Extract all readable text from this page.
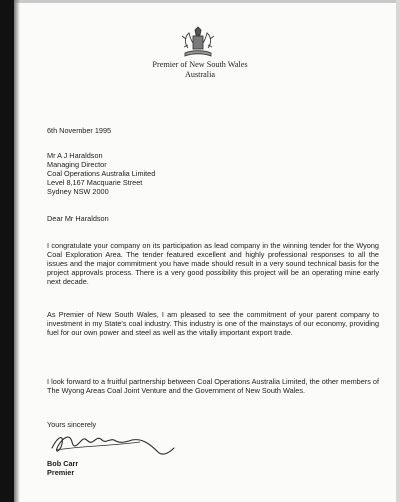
Premier of New South Wales
Australia
6th November 1995
Mr A J Haraldson
Managing Director
Coal Operations Australia Limited
Level 8,167 Macquarie Street
Sydney NSW 2000
Dear Mr Haraldson
I congratulate your company on its participation as lead company in the winning tender for the Wyong Coal Exploration Area. The tender featured excellent and highly professional responses to all the issues and the major commitment you have made should result in a very sound technical basis for the project approvals process. There is a very good possibility this project will be an operating mine early next decade.
As Premier of New South Wales, I am pleased to see the commitment of your parent company to investment in my State's coal industry. This industry is one of the mainstays of our economy, providing fuel for our own power and steel as well as the vitally important export trade.
I look forward to a fruitful partnership between Coal Operations Australia Limited, the other members of The Wyong Areas Coal Joint Venture and the Government of New South Wales.
Yours sincerely
Bob Carr
Premier
